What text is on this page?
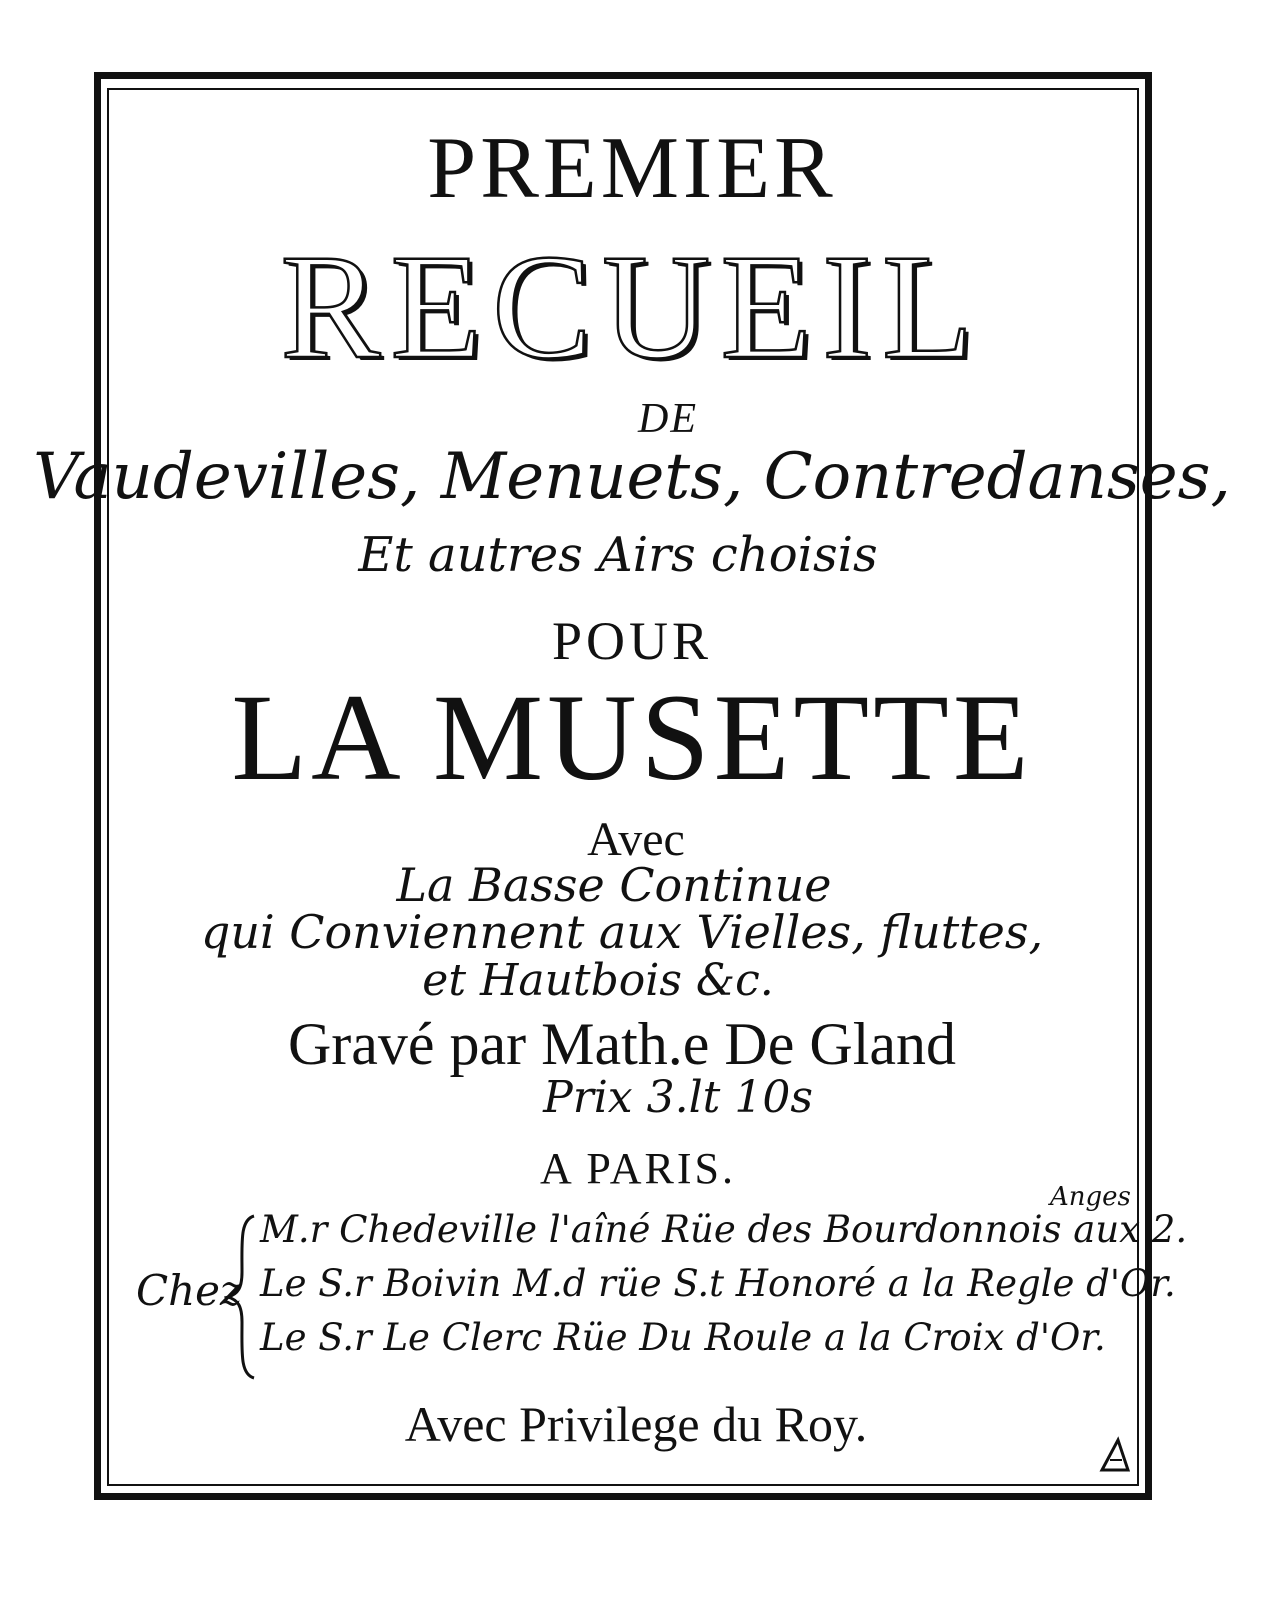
PREMIER
RECUEIL
DE
Vaudevilles, Menuets, Contredanses,
Et autres Airs choisis
POUR
LA MUSETTE
Avec
La Basse Continue
qui Conviennent aux Vielles, fluttes,
et Hautbois &c.
Gravé par Math.e De Gland
Prix 3.lt 10s
A PARIS.
Anges
Chez
M.r Chedeville l'aîné Rüe des Bourdonnois aux 2.
Le S.r Boivin M.d rüe S.t Honoré a la Regle d'Or.
Le S.r Le Clerc Rüe Du Roule a la Croix d'Or.
Avec Privilege du Roy.
